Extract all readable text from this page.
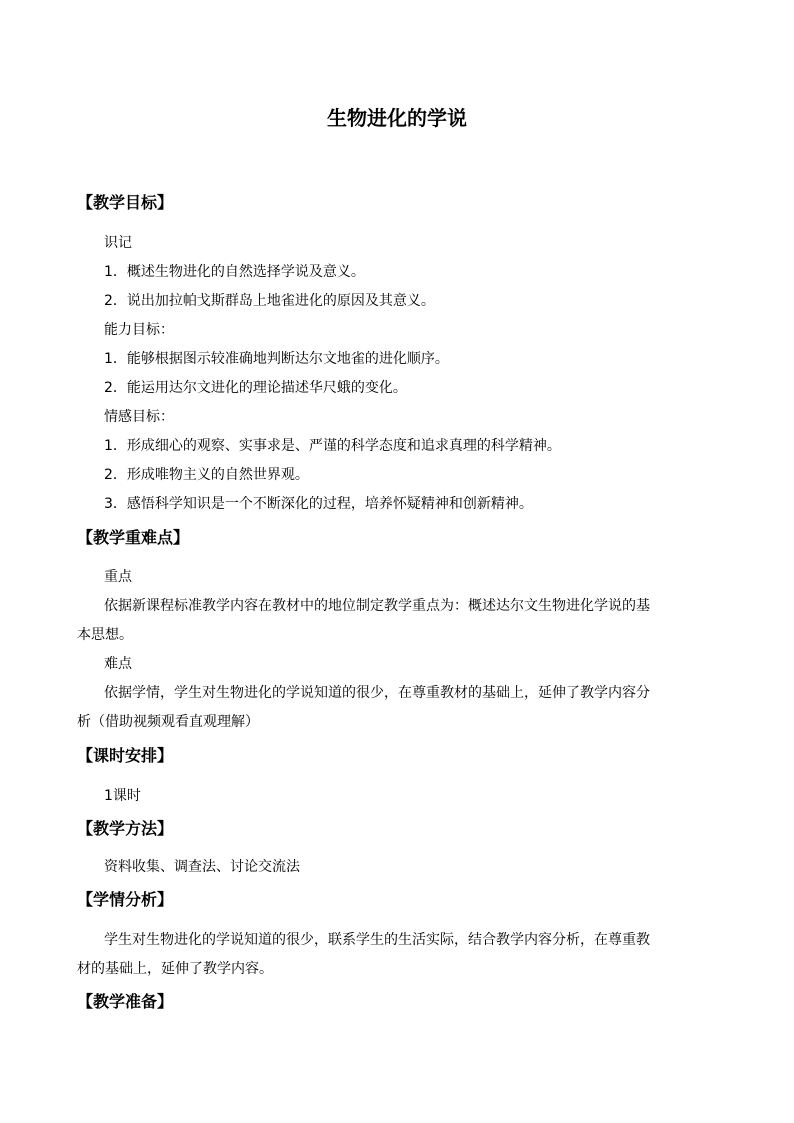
生物进化的学说
【教学目标】
识记
1．概述生物进化的自然选择学说及意义。
2．说出加拉帕戈斯群岛上地雀进化的原因及其意义。
能力目标：
1．能够根据图示较准确地判断达尔文地雀的进化顺序。
2．能运用达尔文进化的理论描述华尺蛾的变化。
情感目标：
1．形成细心的观察、实事求是、严谨的科学态度和追求真理的科学精神。
2．形成唯物主义的自然世界观。
3．感悟科学知识是一个不断深化的过程，培养怀疑精神和创新精神。
【教学重难点】
重点
依据新课程标准教学内容在教材中的地位制定教学重点为：概述达尔文生物进化学说的基
本思想。
难点
依据学情，学生对生物进化的学说知道的很少，在尊重教材的基础上，延伸了教学内容分
析（借助视频观看直观理解）
【课时安排】
1课时
【教学方法】
资料收集、调查法、讨论交流法
【学情分析】
学生对生物进化的学说知道的很少，联系学生的生活实际，结合教学内容分析，在尊重教
材的基础上，延伸了教学内容。
【教学准备】
